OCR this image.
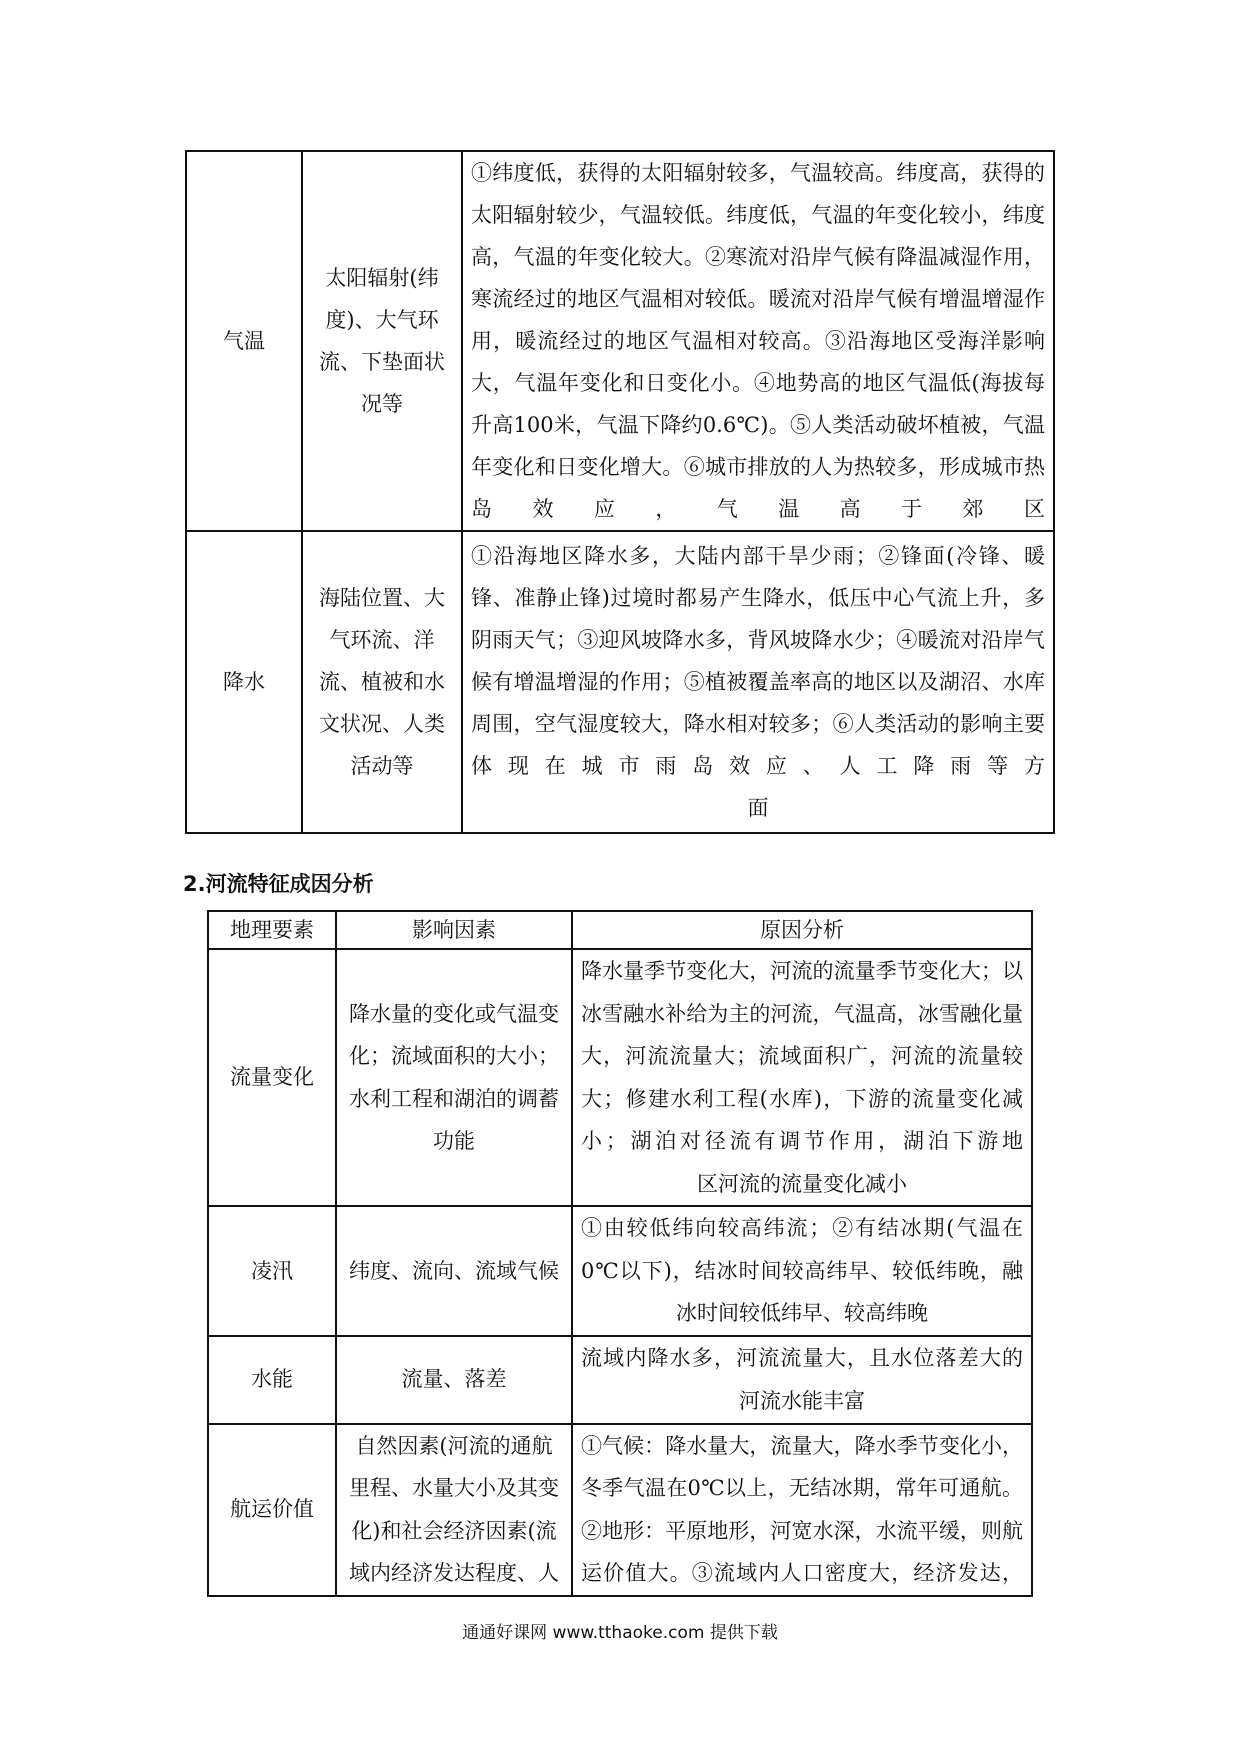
气温	太阳辐射(纬度)、大气环流、下垫面状况等	①纬度低，获得的太阳辐射较多，气温较高。纬度高，获得的太阳辐射较少，气温较低。纬度低，气温的年变化较小，纬度高，气温的年变化较大。②寒流对沿岸气候有降温减湿作用，寒流经过的地区气温相对较低。暖流对沿岸气候有增温增湿作用，暖流经过的地区气温相对较高。③沿海地区受海洋影响大，气温年变化和日变化小。④地势高的地区气温低(海拔每升高100米，气温下降约0.6℃)。⑤人类活动破坏植被，气温年变化和日变化增大。⑥城市排放的人为热较多，形成城市热岛效应，气温高于郊区
降水	海陆位置、大气环流、洋流、植被和水文状况、人类活动等	①沿海地区降水多，大陆内部干旱少雨；②锋面(冷锋、暖锋、准静止锋)过境时都易产生降水，低压中心气流上升，多阴雨天气；③迎风坡降水多，背风坡降水少；④暖流对沿岸气候有增温增湿的作用；⑤植被覆盖率高的地区以及湖沼、水库周围，空气湿度较大，降水相对较多；⑥人类活动的影响主要体现在城市雨岛效应、人工降雨等方
面
2.河流特征成因分析
地理要素	影响因素	原因分析
流量变化	降水量的变化或气温变化；流域面积的大小；水利工程和湖泊的调蓄功能	降水量季节变化大，河流的流量季节变化大；以冰雪融水补给为主的河流，气温高，冰雪融化量大，河流流量大；流域面积广，河流的流量较大；修建水利工程(水库)，下游的流量变化减小；湖泊对径流有调节作用，湖泊下游地
区河流的流量变化减小

凌汛	纬度、流向、流域气候	①由较低纬向较高纬流；②有结冰期(气温在0℃以下)，结冰时间较高纬早、较低纬晚，融
冰时间较低纬早、较高纬晚

水能	流量、落差	流域内降水多，河流流量大，且水位落差大的
河流水能丰富

航运价值	自然因素(河流的通航里程、水量大小及其变化)和社会经济因素(流域内经济发达程度、人	①气候：降水量大，流量大，降水季节变化小，冬季气温在0℃以上，无结冰期，常年可通航。②地形：平原地形，河宽水深，水流平缓，则航运价值大。③流域内人口密度大，经济发达，
通通好课网 www.tthaoke.com 提供下载
